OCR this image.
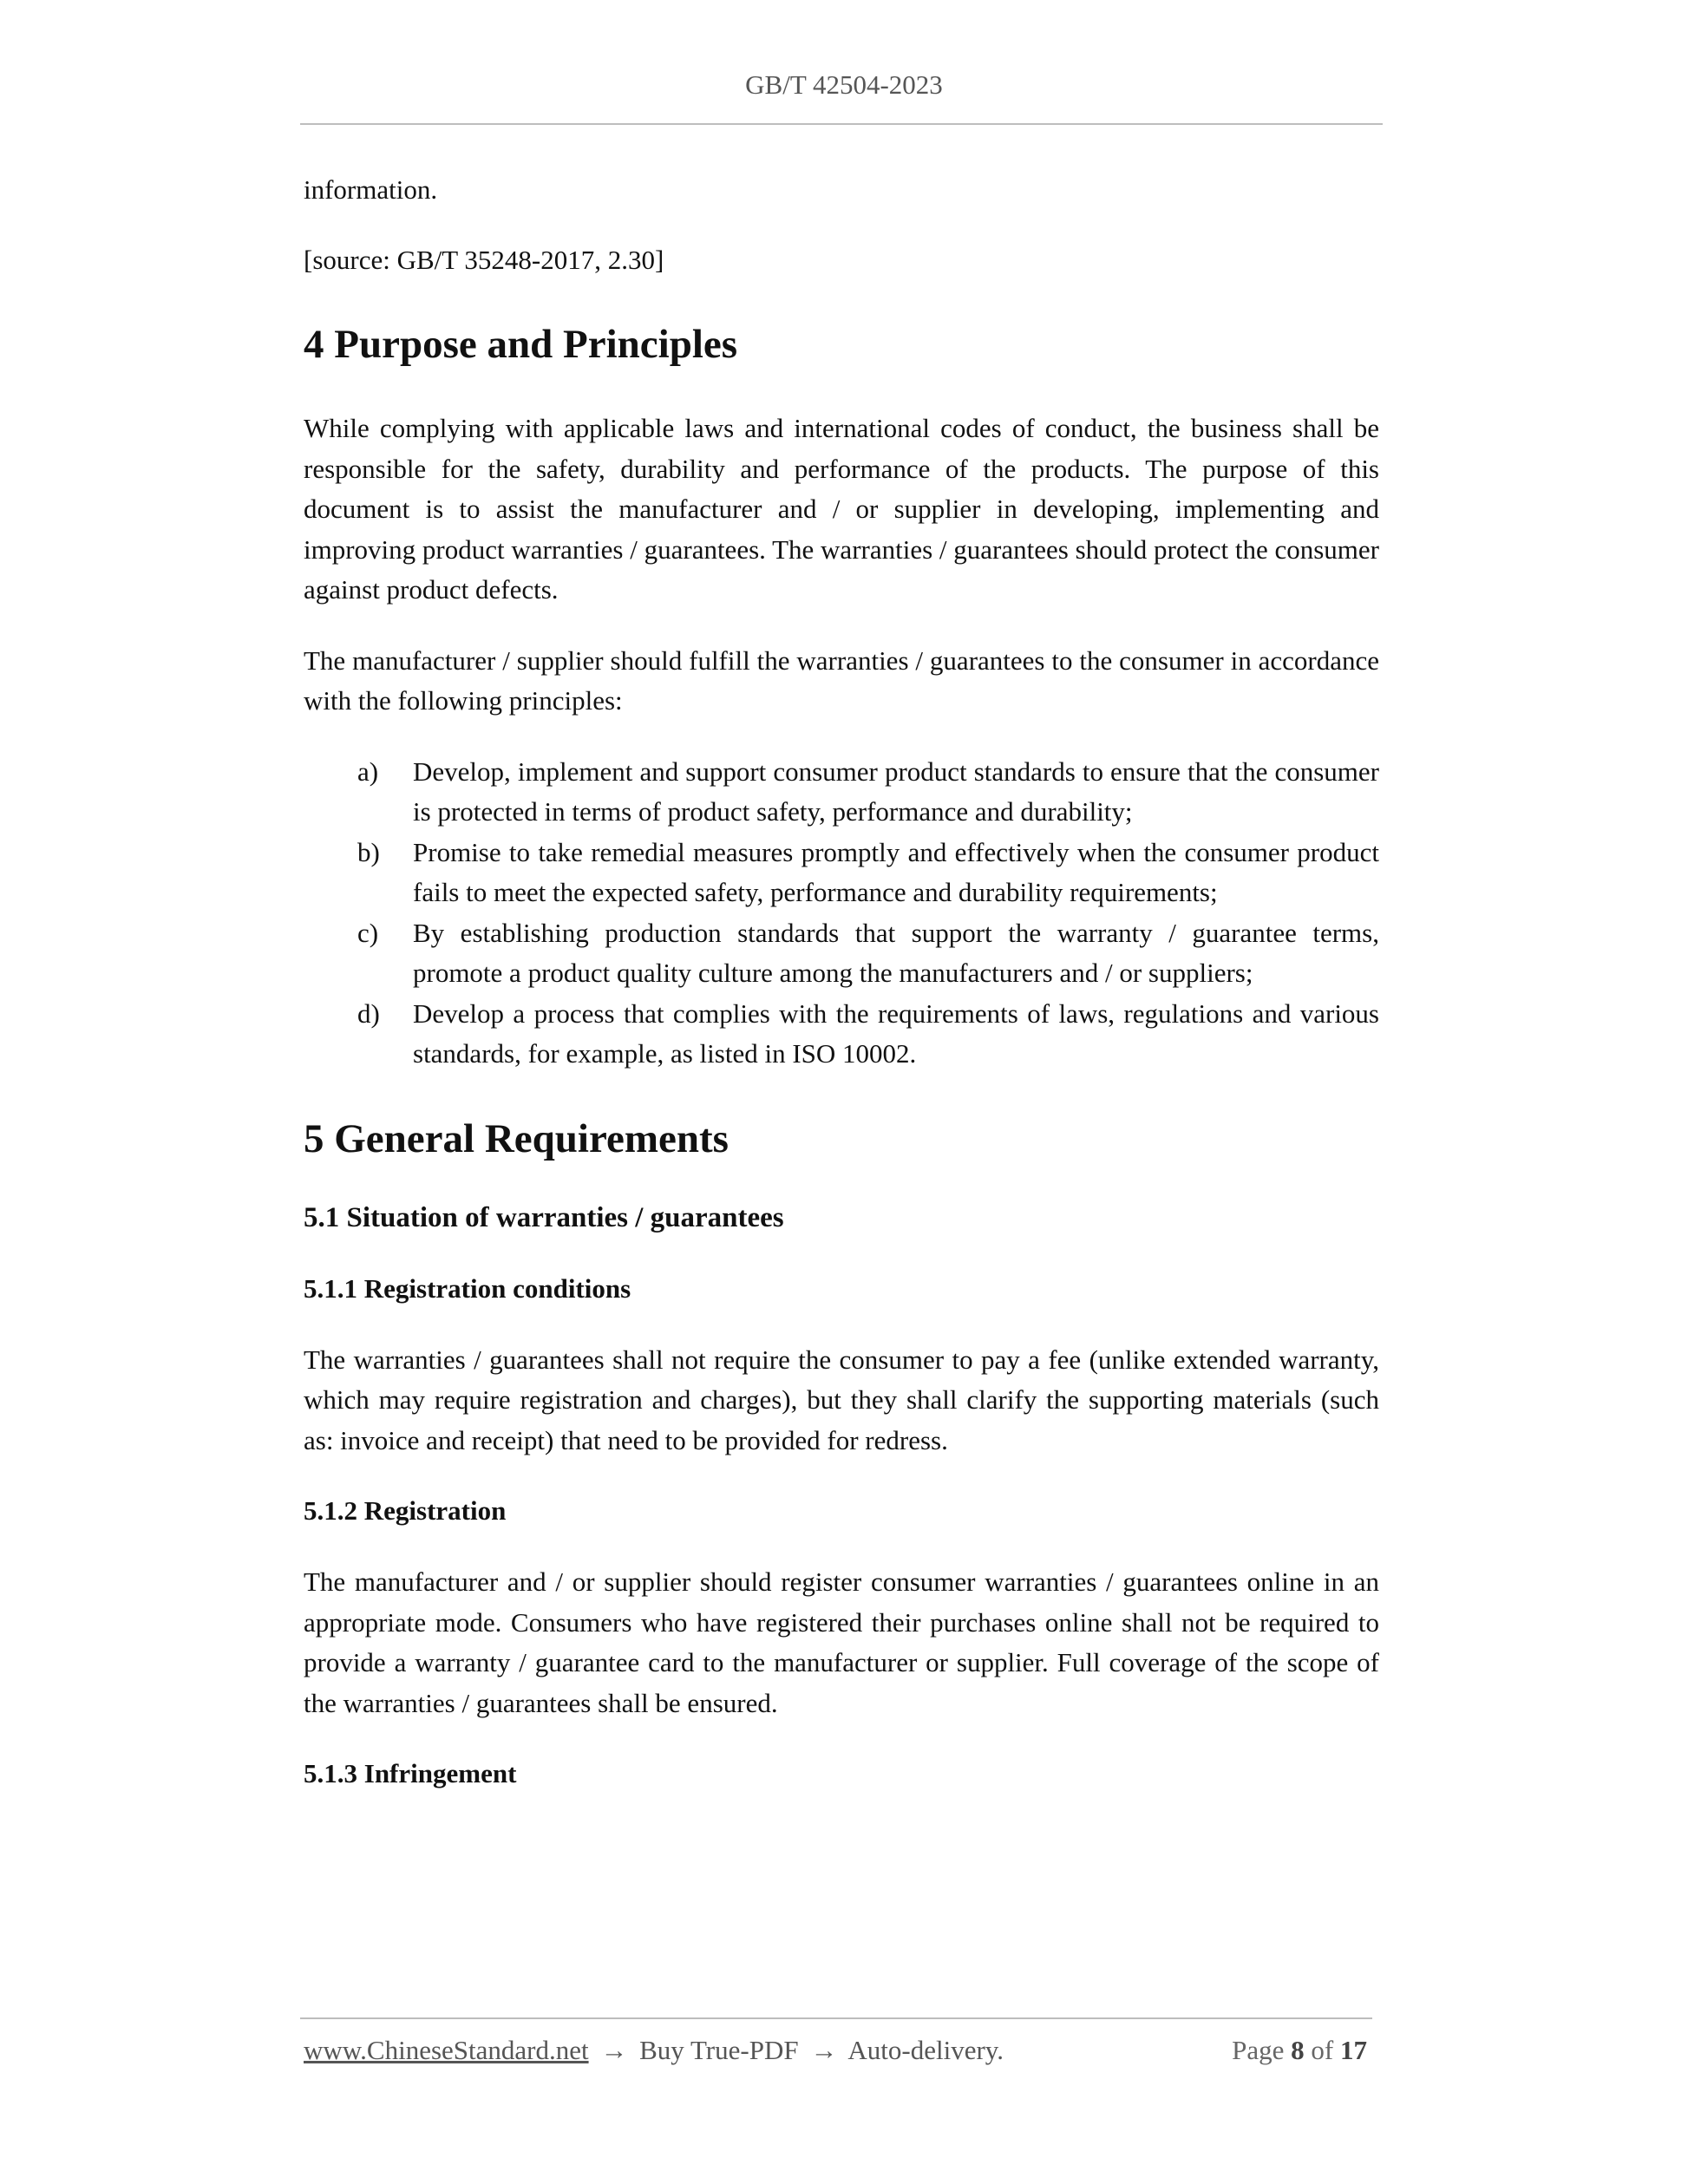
GB/T 42504-2023

information.

[source: GB/T 35248-2017, 2.30]

4 Purpose and Principles

While complying with applicable laws and international codes of conduct, the business shall be responsible for the safety, durability and performance of the products. The purpose of this document is to assist the manufacturer and / or supplier in developing, implementing and improving product warranties / guarantees. The warranties / guarantees should protect the consumer against product defects.

The manufacturer / supplier should fulfill the warranties / guarantees to the consumer in accordance with the following principles:

a) Develop, implement and support consumer product standards to ensure that the consumer is protected in terms of product safety, performance and durability;

b) Promise to take remedial measures promptly and effectively when the consumer product fails to meet the expected safety, performance and durability requirements;

c) By establishing production standards that support the warranty / guarantee terms, promote a product quality culture among the manufacturers and / or suppliers;

d) Develop a process that complies with the requirements of laws, regulations and various standards, for example, as listed in ISO 10002.

5 General Requirements
5.1 Situation of warranties / guarantees
5.1.1 Registration conditions

The warranties / guarantees shall not require the consumer to pay a fee (unlike extended warranty, which may require registration and charges), but they shall clarify the supporting materials (such as: invoice and receipt) that need to be provided for redress.

5.1.2 Registration

The manufacturer and / or supplier should register consumer warranties / guarantees online in an appropriate mode. Consumers who have registered their purchases online shall not be required to provide a warranty / guarantee card to the manufacturer or supplier. Full coverage of the scope of the warranties / guarantees shall be ensured.

5.1.3 Infringement
www.ChineseStandard.net → Buy True-PDF → Auto-delivery.	Page 8 of 17
